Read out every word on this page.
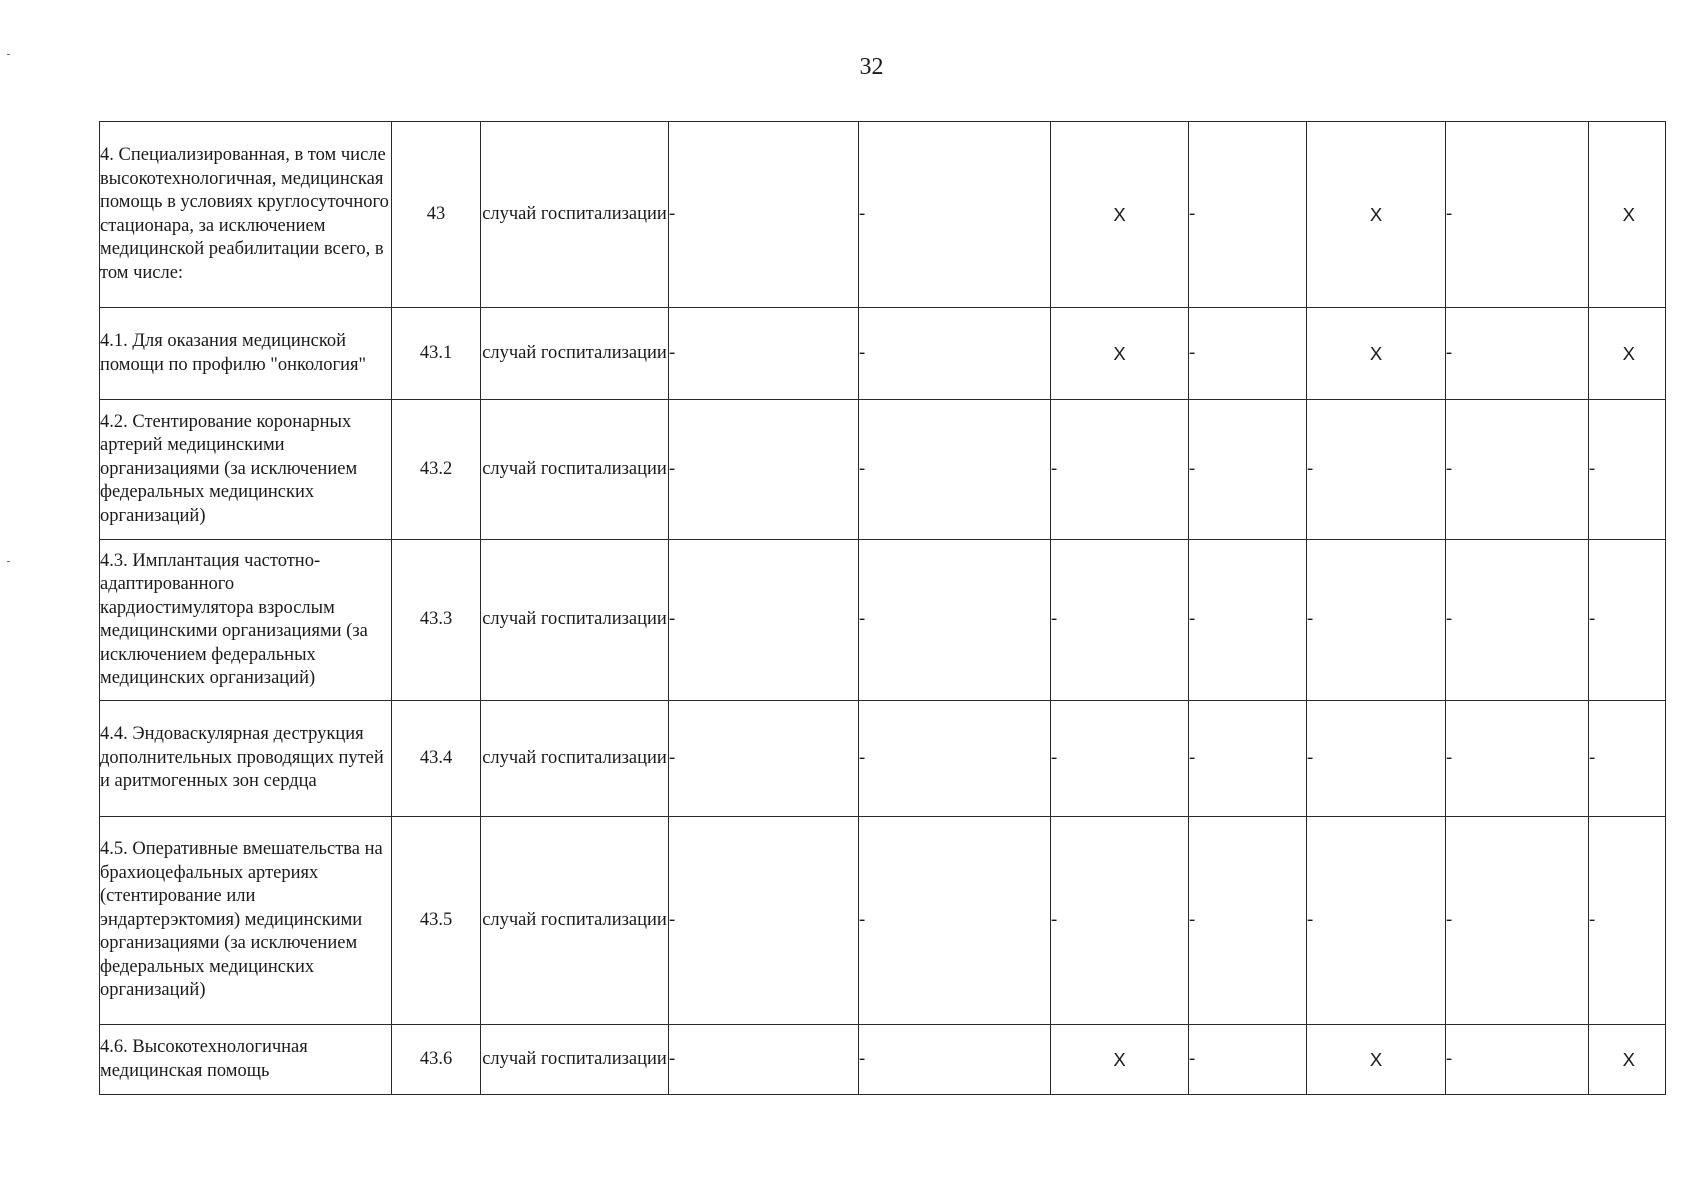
32
4. Специализированная, в том числе высокотехнологичная, медицинская помощь в условиях круглосуточного стационара, за исключением медицинской реабилитации всего, в том числе:	43	случай госпитализации	-	-	X	-	X	-	X
4.1. Для оказания медицинской помощи по профилю "онкология"	43.1	случай госпитализации	-	-	X	-	X	-	X
4.2. Стентирование коронарных артерий медицинскими организациями (за исключением федеральных медицинских организаций)	43.2	случай госпитализации	-	-	-	-	-	-	-
4.3. Имплантация частотно-адаптированного кардиостимулятора взрослым медицинскими организациями (за исключением федеральных медицинских организаций)	43.3	случай госпитализации	-	-	-	-	-	-	-
4.4. Эндоваскулярная деструкция дополнительных проводящих путей и аритмогенных зон сердца	43.4	случай госпитализации	-	-	-	-	-	-	-
4.5. Оперативные вмешательства на брахиоцефальных артериях (стентирование или эндартерэктомия) медицинскими организациями (за исключением федеральных медицинских организаций)	43.5	случай госпитализации	-	-	-	-	-	-	-
4.6. Высокотехнологичная медицинская помощь	43.6	случай госпитализации	-	-	X	-	X	-	X
